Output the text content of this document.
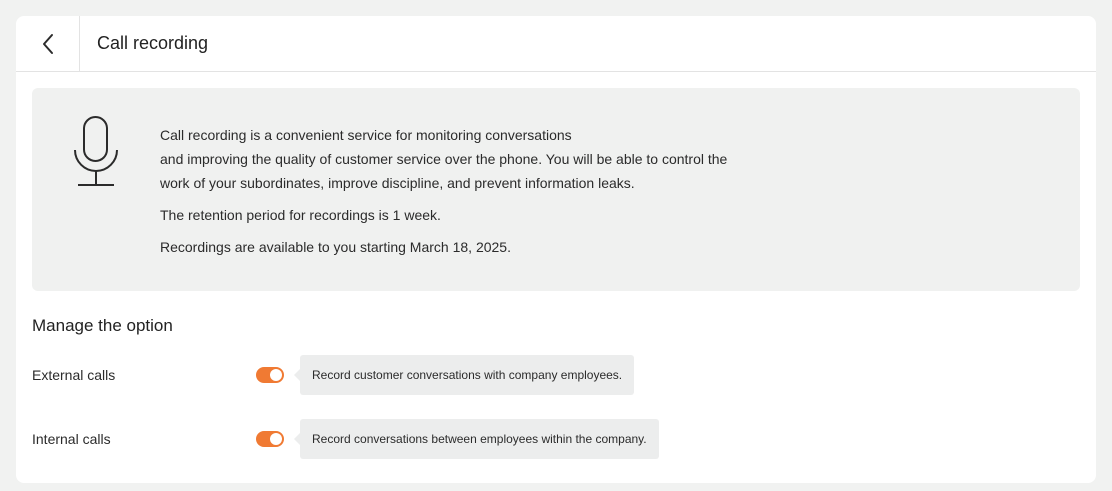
Call recording

Call recording is a convenient service for monitoring conversations

and improving the quality of customer service over the phone. You will be able to control the

work of your subordinates, improve discipline, and prevent information leaks.

The retention period for recordings is 1 week.

Recordings are available to you starting March 18, 2025.

Manage the option
External calls	Record customer conversations with company employees.
Internal calls	Record conversations between employees within the company.
